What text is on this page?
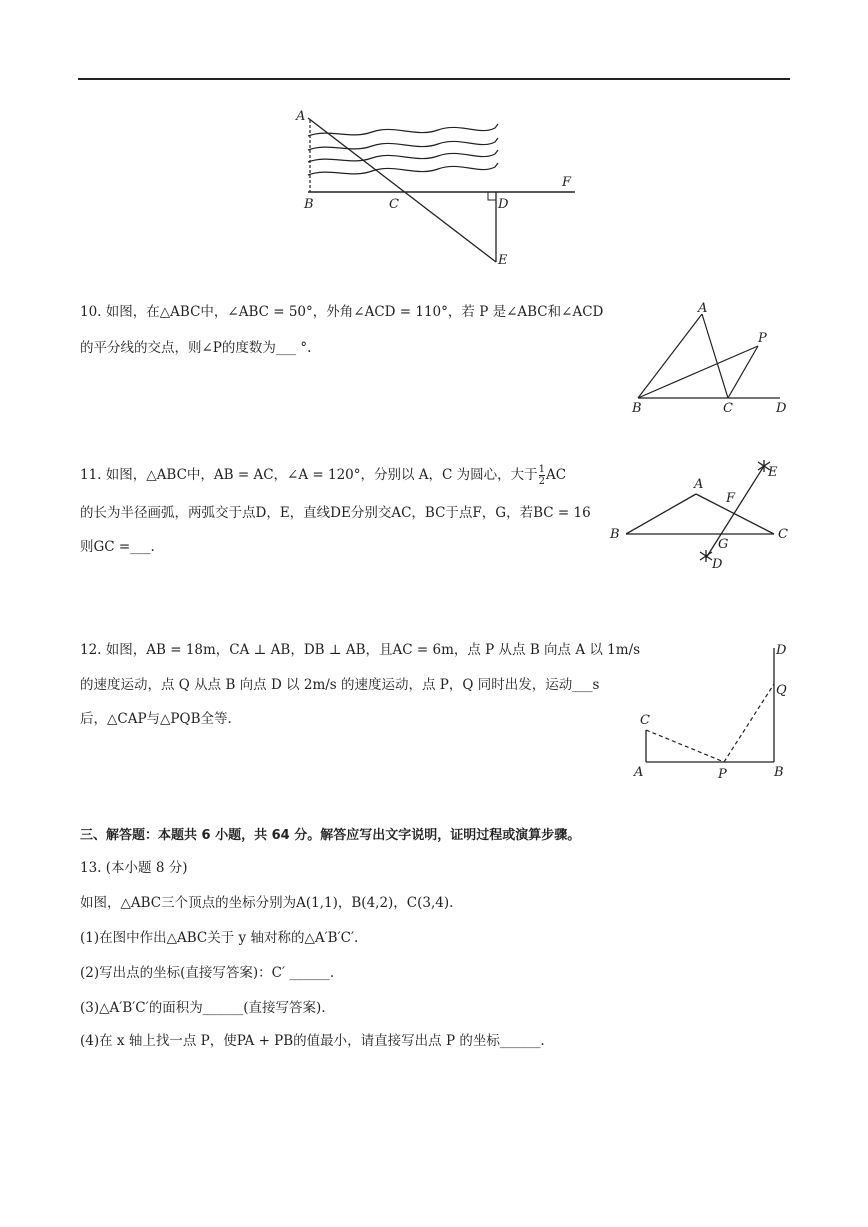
A
B	C	D
E
F
10. 如图，在△ABC中，∠ABC = 50°，外角∠ACD = 110°，若 P 是∠ABC和∠ACD
的平分线的交点，则∠P的度数为___ °.
A
P
B	C	D
11. 如图，△ABC中，AB = AC，∠A = 120°，分别以 A，C 为圆心，大于 $\frac{1}{2}$ AC
的长为半径画弧，两弧交于点D，E，直线DE分别交AC，BC于点F，G，若BC = 16
则GC =___.
A
B	C
D
E
F
G
12. 如图，AB = 18m，CA ⊥ AB，DB ⊥ AB，且AC = 6m，点 P 从点 B 向点 A 以 1m/s
的速度运动，点 Q 从点 B 向点 D 以 2m/s 的速度运动，点 P，Q 同时出发，运动___s
后，△CAP与△PQB全等.	C
A	P	B
Q
D
三、解答题：本题共 6 小题，共 64 分。解答应写出文字说明，证明过程或演算步骤。
13. (本小题 8 分)
如图，△ABC三个顶点的坐标分别为A(1,1)，B(4,2)，C(3,4).
(1)在图中作出△ABC关于 y 轴对称的△A′B′C′.
(2)写出点的坐标(直接写答案)：C′ ______.
(3)△A′B′C′的面积为______(直接写答案).
(4)在 x 轴上找一点 P，使PA + PB的值最小，请直接写出点 P 的坐标______.
